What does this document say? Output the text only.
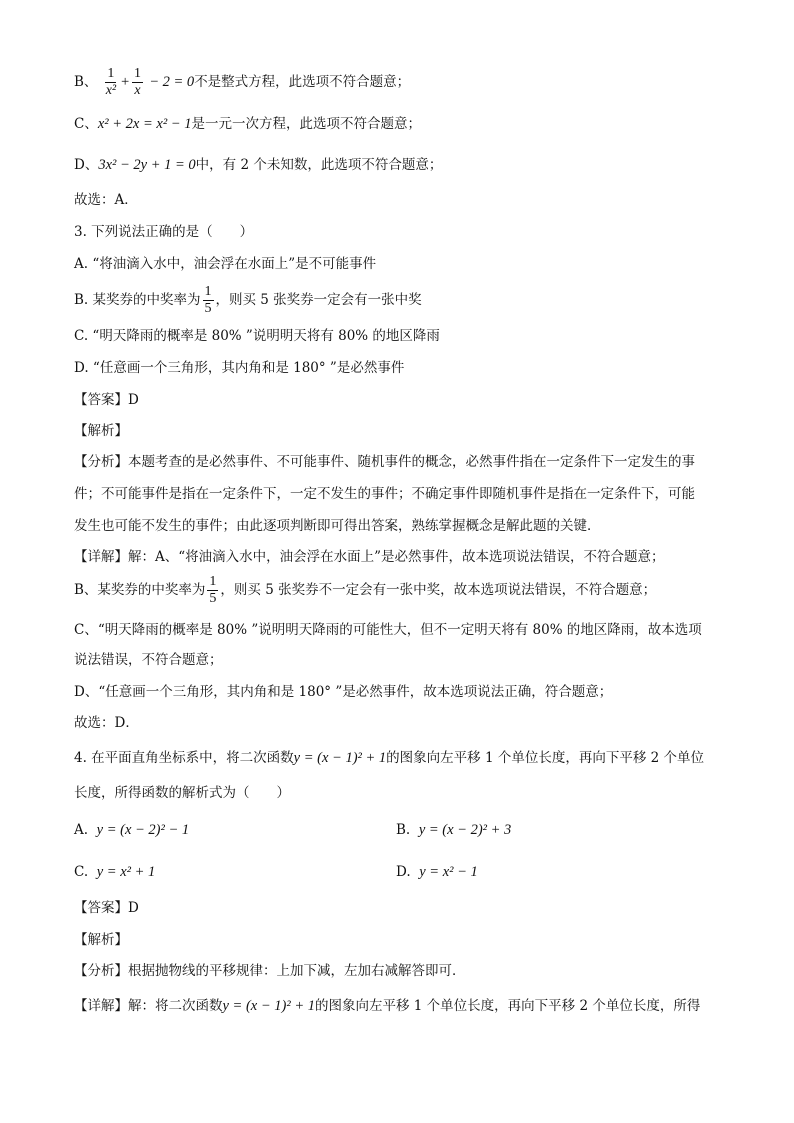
B、 $\frac{1}{\text{x²}} + \frac{1}{x} - 2 = 0$不是整式方程，此选项不符合题意；
C、x² + 2x = x² − 1是一元一次方程，此选项不符合题意；
D、3x² − 2y + 1 = 0中，有 2 个未知数，此选项不符合题意；
故选：A．
3. 下列说法正确的是（　　）
A. “将油滴入水中，油会浮在水面上”是不可能事件
B. 某奖券的中奖率为 $\frac{1}{5}$ ，则买 5 张奖券一定会有一张中奖
C. “明天降雨的概率是 80% ”说明明天将有 80% 的地区降雨
D. “任意画一个三角形，其内角和是 180° ”是必然事件
【答案】D
【解析】
【分析】本题考查的是必然事件、不可能事件、随机事件的概念，必然事件指在一定条件下一定发生的事
件；不可能事件是指在一定条件下，一定不发生的事件；不确定事件即随机事件是指在一定条件下，可能
发生也可能不发生的事件；由此逐项判断即可得出答案，熟练掌握概念是解此题的关键．
【详解】解：A、“将油滴入水中，油会浮在水面上”是必然事件，故本选项说法错误，不符合题意；
B、某奖券的中奖率为 $\frac{1}{5}$ ，则买 5 张奖券不一定会有一张中奖，故本选项说法错误，不符合题意；
C、“明天降雨的概率是 80% ”说明明天降雨的可能性大，但不一定明天将有 80% 的地区降雨，故本选项
说法错误，不符合题意；
D、“任意画一个三角形，其内角和是 180° ”是必然事件，故本选项说法正确，符合题意；
故选：D．
4. 在平面直角坐标系中，将二次函数y = (x − 1)² + 1的图象向左平移 1 个单位长度，再向下平移 2 个单位
长度，所得函数的解析式为（　　）
A. y = (x − 2)² − 1	B. y = (x − 2)² + 3
C. y = x² + 1	D. y = x² − 1
【答案】D
【解析】
【分析】根据抛物线的平移规律：上加下减，左加右减解答即可．
【详解】解：将二次函数y = (x − 1)² + 1的图象向左平移 1 个单位长度，再向下平移 2 个单位长度，所得
